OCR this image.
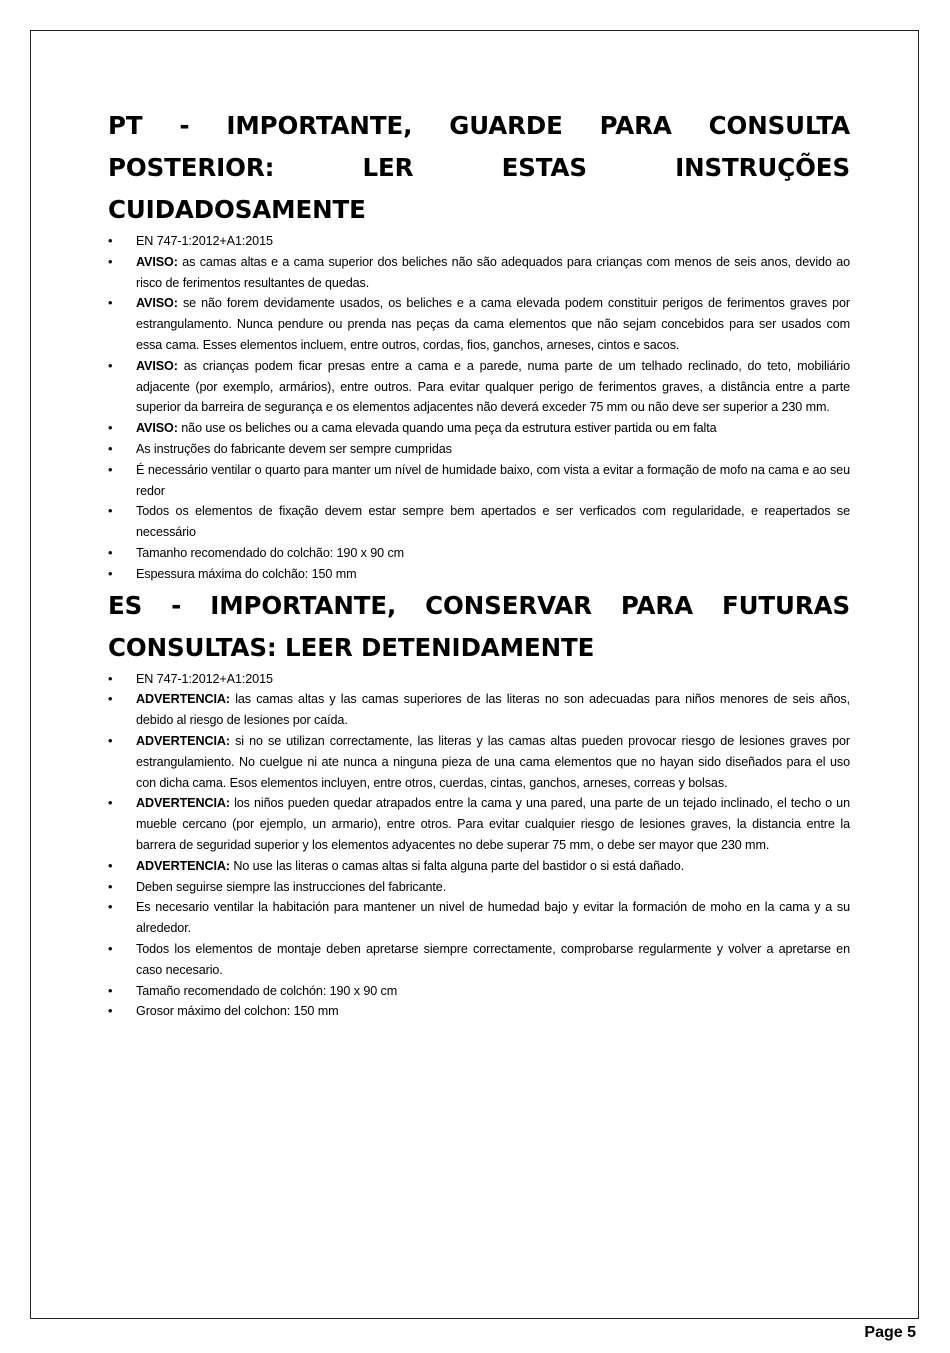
PT - IMPORTANTE, GUARDE PARA CONSULTA POSTERIOR: LER ESTAS INSTRUÇÕES CUIDADOSAMENTE
• EN 747-1:2012+A1:2015
• AVISO: as camas altas e a cama superior dos beliches não são adequados para crianças com menos de seis anos, devido ao risco de ferimentos resultantes de quedas.
• AVISO: se não forem devidamente usados, os beliches e a cama elevada podem constituir perigos de ferimentos graves por estrangulamento. Nunca pendure ou prenda nas peças da cama elementos que não sejam concebidos para ser usados com essa cama. Esses elementos incluem, entre outros, cordas, fios, ganchos, arneses, cintos e sacos.
• AVISO: as crianças podem ficar presas entre a cama e a parede, numa parte de um telhado reclinado, do teto, mobiliário adjacente (por exemplo, armários), entre outros. Para evitar qualquer perigo de ferimentos graves, a distância entre a parte superior da barreira de segurança e os elementos adjacentes não deverá exceder 75 mm ou não deve ser superior a 230 mm.
• AVISO: não use os beliches ou a cama elevada quando uma peça da estrutura estiver partida ou em falta
• As instruções do fabricante devem ser sempre cumpridas
• É necessário ventilar o quarto para manter um nível de humidade baixo, com vista a evitar a formação de mofo na cama e ao seu redor
• Todos os elementos de fixação devem estar sempre bem apertados e ser verficados com regularidade, e reapertados se necessário
• Tamanho recomendado do colchão: 190 x 90 cm
• Espessura máxima do colchão: 150 mm
ES - IMPORTANTE, CONSERVAR PARA FUTURAS CONSULTAS: LEER DETENIDAMENTE
• EN 747-1:2012+A1:2015
• ADVERTENCIA: las camas altas y las camas superiores de las literas no son adecuadas para niños menores de seis años, debido al riesgo de lesiones por caída.
• ADVERTENCIA: si no se utilizan correctamente, las literas y las camas altas pueden provocar riesgo de lesiones graves por estrangulamiento. No cuelgue ni ate nunca a ninguna pieza de una cama elementos que no hayan sido diseñados para el uso con dicha cama. Esos elementos incluyen, entre otros, cuerdas, cintas, ganchos, arneses, correas y bolsas.
• ADVERTENCIA: los niños pueden quedar atrapados entre la cama y una pared, una parte de un tejado inclinado, el techo o un mueble cercano (por ejemplo, un armario), entre otros. Para evitar cualquier riesgo de lesiones graves, la distancia entre la barrera de seguridad superior y los elementos adyacentes no debe superar 75 mm, o debe ser mayor que 230 mm.
• ADVERTENCIA: No use las literas o camas altas si falta alguna parte del bastidor o si está dañado.
• Deben seguirse siempre las instrucciones del fabricante.
• Es necesario ventilar la habitación para mantener un nivel de humedad bajo y evitar la formación de moho en la cama y a su alrededor.
• Todos los elementos de montaje deben apretarse siempre correctamente, comprobarse regularmente y volver a apretarse en caso necesario.
• Tamaño recomendado de colchón: 190 x 90 cm
• Grosor máximo del colchon: 150 mm
Page 5
